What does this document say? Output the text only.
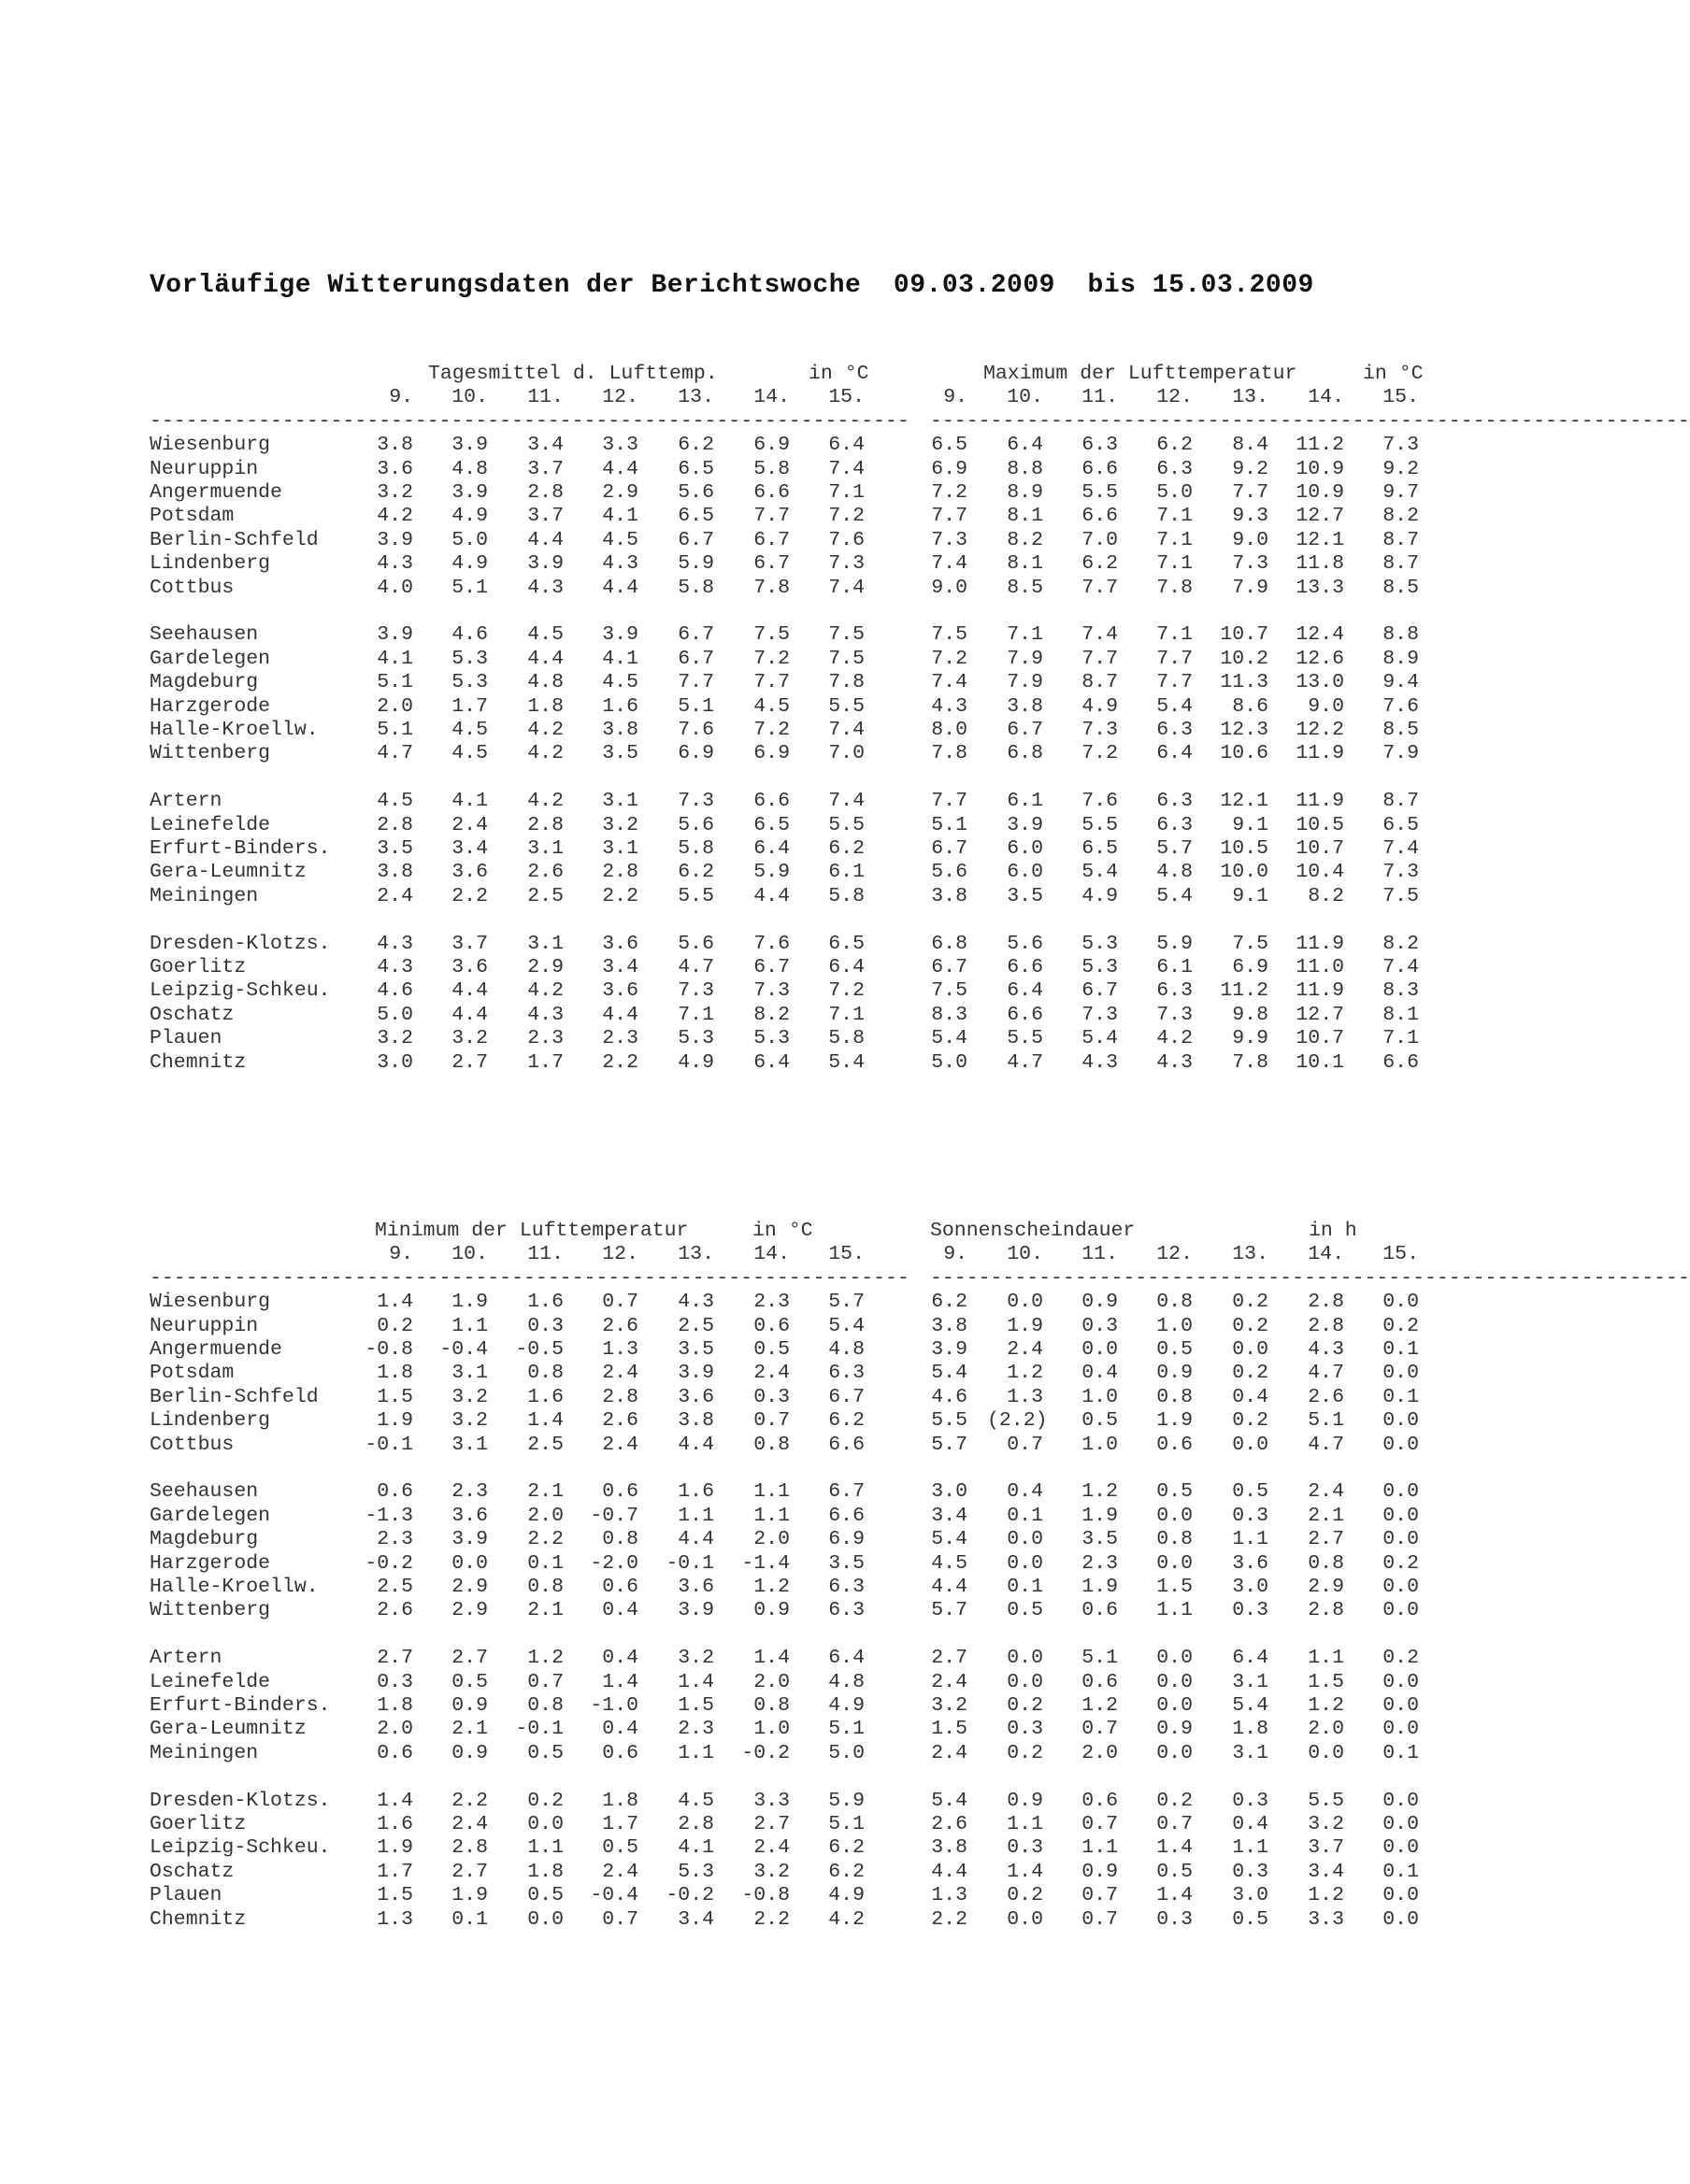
Vorläufige Witterungsdaten der Berichtswoche  09.03.2009  bis 15.03.2009
Tagesmittel d. Lufttemp.	in °C	Maximum der Lufttemperatur	in °C
9.	10.	11.	12.	13.	14.	15.	9.	10.	11.	12.	13.	14.	15.
--------------------------------------------------------------- ---------------------------------------------------------------
Wiesenburg	3.8	3.9	3.4	3.3	6.2	6.9	6.4	6.5	6.4	6.3	6.2	8.4	11.2	7.3
Neuruppin	3.6	4.8	3.7	4.4	6.5	5.8	7.4	6.9	8.8	6.6	6.3	9.2	10.9	9.2
Angermuende	3.2	3.9	2.8	2.9	5.6	6.6	7.1	7.2	8.9	5.5	5.0	7.7	10.9	9.7
Potsdam	4.2	4.9	3.7	4.1	6.5	7.7	7.2	7.7	8.1	6.6	7.1	9.3	12.7	8.2
Berlin-Schfeld	3.9	5.0	4.4	4.5	6.7	6.7	7.6	7.3	8.2	7.0	7.1	9.0	12.1	8.7
Lindenberg	4.3	4.9	3.9	4.3	5.9	6.7	7.3	7.4	8.1	6.2	7.1	7.3	11.8	8.7
Cottbus	4.0	5.1	4.3	4.4	5.8	7.8	7.4	9.0	8.5	7.7	7.8	7.9	13.3	8.5
Seehausen	3.9	4.6	4.5	3.9	6.7	7.5	7.5	7.5	7.1	7.4	7.1	10.7	12.4	8.8
Gardelegen	4.1	5.3	4.4	4.1	6.7	7.2	7.5	7.2	7.9	7.7	7.7	10.2	12.6	8.9
Magdeburg	5.1	5.3	4.8	4.5	7.7	7.7	7.8	7.4	7.9	8.7	7.7	11.3	13.0	9.4
Harzgerode	2.0	1.7	1.8	1.6	5.1	4.5	5.5	4.3	3.8	4.9	5.4	8.6	9.0	7.6
Halle-Kroellw.	5.1	4.5	4.2	3.8	7.6	7.2	7.4	8.0	6.7	7.3	6.3	12.3	12.2	8.5
Wittenberg	4.7	4.5	4.2	3.5	6.9	6.9	7.0	7.8	6.8	7.2	6.4	10.6	11.9	7.9
Artern	4.5	4.1	4.2	3.1	7.3	6.6	7.4	7.7	6.1	7.6	6.3	12.1	11.9	8.7
Leinefelde	2.8	2.4	2.8	3.2	5.6	6.5	5.5	5.1	3.9	5.5	6.3	9.1	10.5	6.5
Erfurt-Binders.	3.5	3.4	3.1	3.1	5.8	6.4	6.2	6.7	6.0	6.5	5.7	10.5	10.7	7.4
Gera-Leumnitz	3.8	3.6	2.6	2.8	6.2	5.9	6.1	5.6	6.0	5.4	4.8	10.0	10.4	7.3
Meiningen	2.4	2.2	2.5	2.2	5.5	4.4	5.8	3.8	3.5	4.9	5.4	9.1	8.2	7.5
Dresden-Klotzs.	4.3	3.7	3.1	3.6	5.6	7.6	6.5	6.8	5.6	5.3	5.9	7.5	11.9	8.2
Goerlitz	4.3	3.6	2.9	3.4	4.7	6.7	6.4	6.7	6.6	5.3	6.1	6.9	11.0	7.4
Leipzig-Schkeu.	4.6	4.4	4.2	3.6	7.3	7.3	7.2	7.5	6.4	6.7	6.3	11.2	11.9	8.3
Oschatz	5.0	4.4	4.3	4.4	7.1	8.2	7.1	8.3	6.6	7.3	7.3	9.8	12.7	8.1
Plauen	3.2	3.2	2.3	2.3	5.3	5.3	5.8	5.4	5.5	5.4	4.2	9.9	10.7	7.1
Chemnitz	3.0	2.7	1.7	2.2	4.9	6.4	5.4	5.0	4.7	4.3	4.3	7.8	10.1	6.6
Minimum der Lufttemperatur	in °C	Sonnenscheindauer	in h
9.	10.	11.	12.	13.	14.	15.	9.	10.	11.	12.	13.	14.	15.
--------------------------------------------------------------- ---------------------------------------------------------------
Wiesenburg	1.4	1.9	1.6	0.7	4.3	2.3	5.7	6.2	0.0	0.9	0.8	0.2	2.8	0.0
Neuruppin	0.2	1.1	0.3	2.6	2.5	0.6	5.4	3.8	1.9	0.3	1.0	0.2	2.8	0.2
Angermuende	-0.8	-0.4	-0.5	1.3	3.5	0.5	4.8	3.9	2.4	0.0	0.5	0.0	4.3	0.1
Potsdam	1.8	3.1	0.8	2.4	3.9	2.4	6.3	5.4	1.2	0.4	0.9	0.2	4.7	0.0
Berlin-Schfeld	1.5	3.2	1.6	2.8	3.6	0.3	6.7	4.6	1.3	1.0	0.8	0.4	2.6	0.1
Lindenberg	1.9	3.2	1.4	2.6	3.8	0.7	6.2	5.5 (2.2)	0.5	1.9	0.2	5.1	0.0
Cottbus	-0.1	3.1	2.5	2.4	4.4	0.8	6.6	5.7	0.7	1.0	0.6	0.0	4.7	0.0
Seehausen	0.6	2.3	2.1	0.6	1.6	1.1	6.7	3.0	0.4	1.2	0.5	0.5	2.4	0.0
Gardelegen	-1.3	3.6	2.0	-0.7	1.1	1.1	6.6	3.4	0.1	1.9	0.0	0.3	2.1	0.0
Magdeburg	2.3	3.9	2.2	0.8	4.4	2.0	6.9	5.4	0.0	3.5	0.8	1.1	2.7	0.0
Harzgerode	-0.2	0.0	0.1	-2.0	-0.1	-1.4	3.5	4.5	0.0	2.3	0.0	3.6	0.8	0.2
Halle-Kroellw.	2.5	2.9	0.8	0.6	3.6	1.2	6.3	4.4	0.1	1.9	1.5	3.0	2.9	0.0
Wittenberg	2.6	2.9	2.1	0.4	3.9	0.9	6.3	5.7	0.5	0.6	1.1	0.3	2.8	0.0
Artern	2.7	2.7	1.2	0.4	3.2	1.4	6.4	2.7	0.0	5.1	0.0	6.4	1.1	0.2
Leinefelde	0.3	0.5	0.7	1.4	1.4	2.0	4.8	2.4	0.0	0.6	0.0	3.1	1.5	0.0
Erfurt-Binders.	1.8	0.9	0.8	-1.0	1.5	0.8	4.9	3.2	0.2	1.2	0.0	5.4	1.2	0.0
Gera-Leumnitz	2.0	2.1	-0.1	0.4	2.3	1.0	5.1	1.5	0.3	0.7	0.9	1.8	2.0	0.0
Meiningen	0.6	0.9	0.5	0.6	1.1	-0.2	5.0	2.4	0.2	2.0	0.0	3.1	0.0	0.1
Dresden-Klotzs.	1.4	2.2	0.2	1.8	4.5	3.3	5.9	5.4	0.9	0.6	0.2	0.3	5.5	0.0
Goerlitz	1.6	2.4	0.0	1.7	2.8	2.7	5.1	2.6	1.1	0.7	0.7	0.4	3.2	0.0
Leipzig-Schkeu.	1.9	2.8	1.1	0.5	4.1	2.4	6.2	3.8	0.3	1.1	1.4	1.1	3.7	0.0
Oschatz	1.7	2.7	1.8	2.4	5.3	3.2	6.2	4.4	1.4	0.9	0.5	0.3	3.4	0.1
Plauen	1.5	1.9	0.5	-0.4	-0.2	-0.8	4.9	1.3	0.2	0.7	1.4	3.0	1.2	0.0
Chemnitz	1.3	0.1	0.0	0.7	3.4	2.2	4.2	2.2	0.0	0.7	0.3	0.5	3.3	0.0
